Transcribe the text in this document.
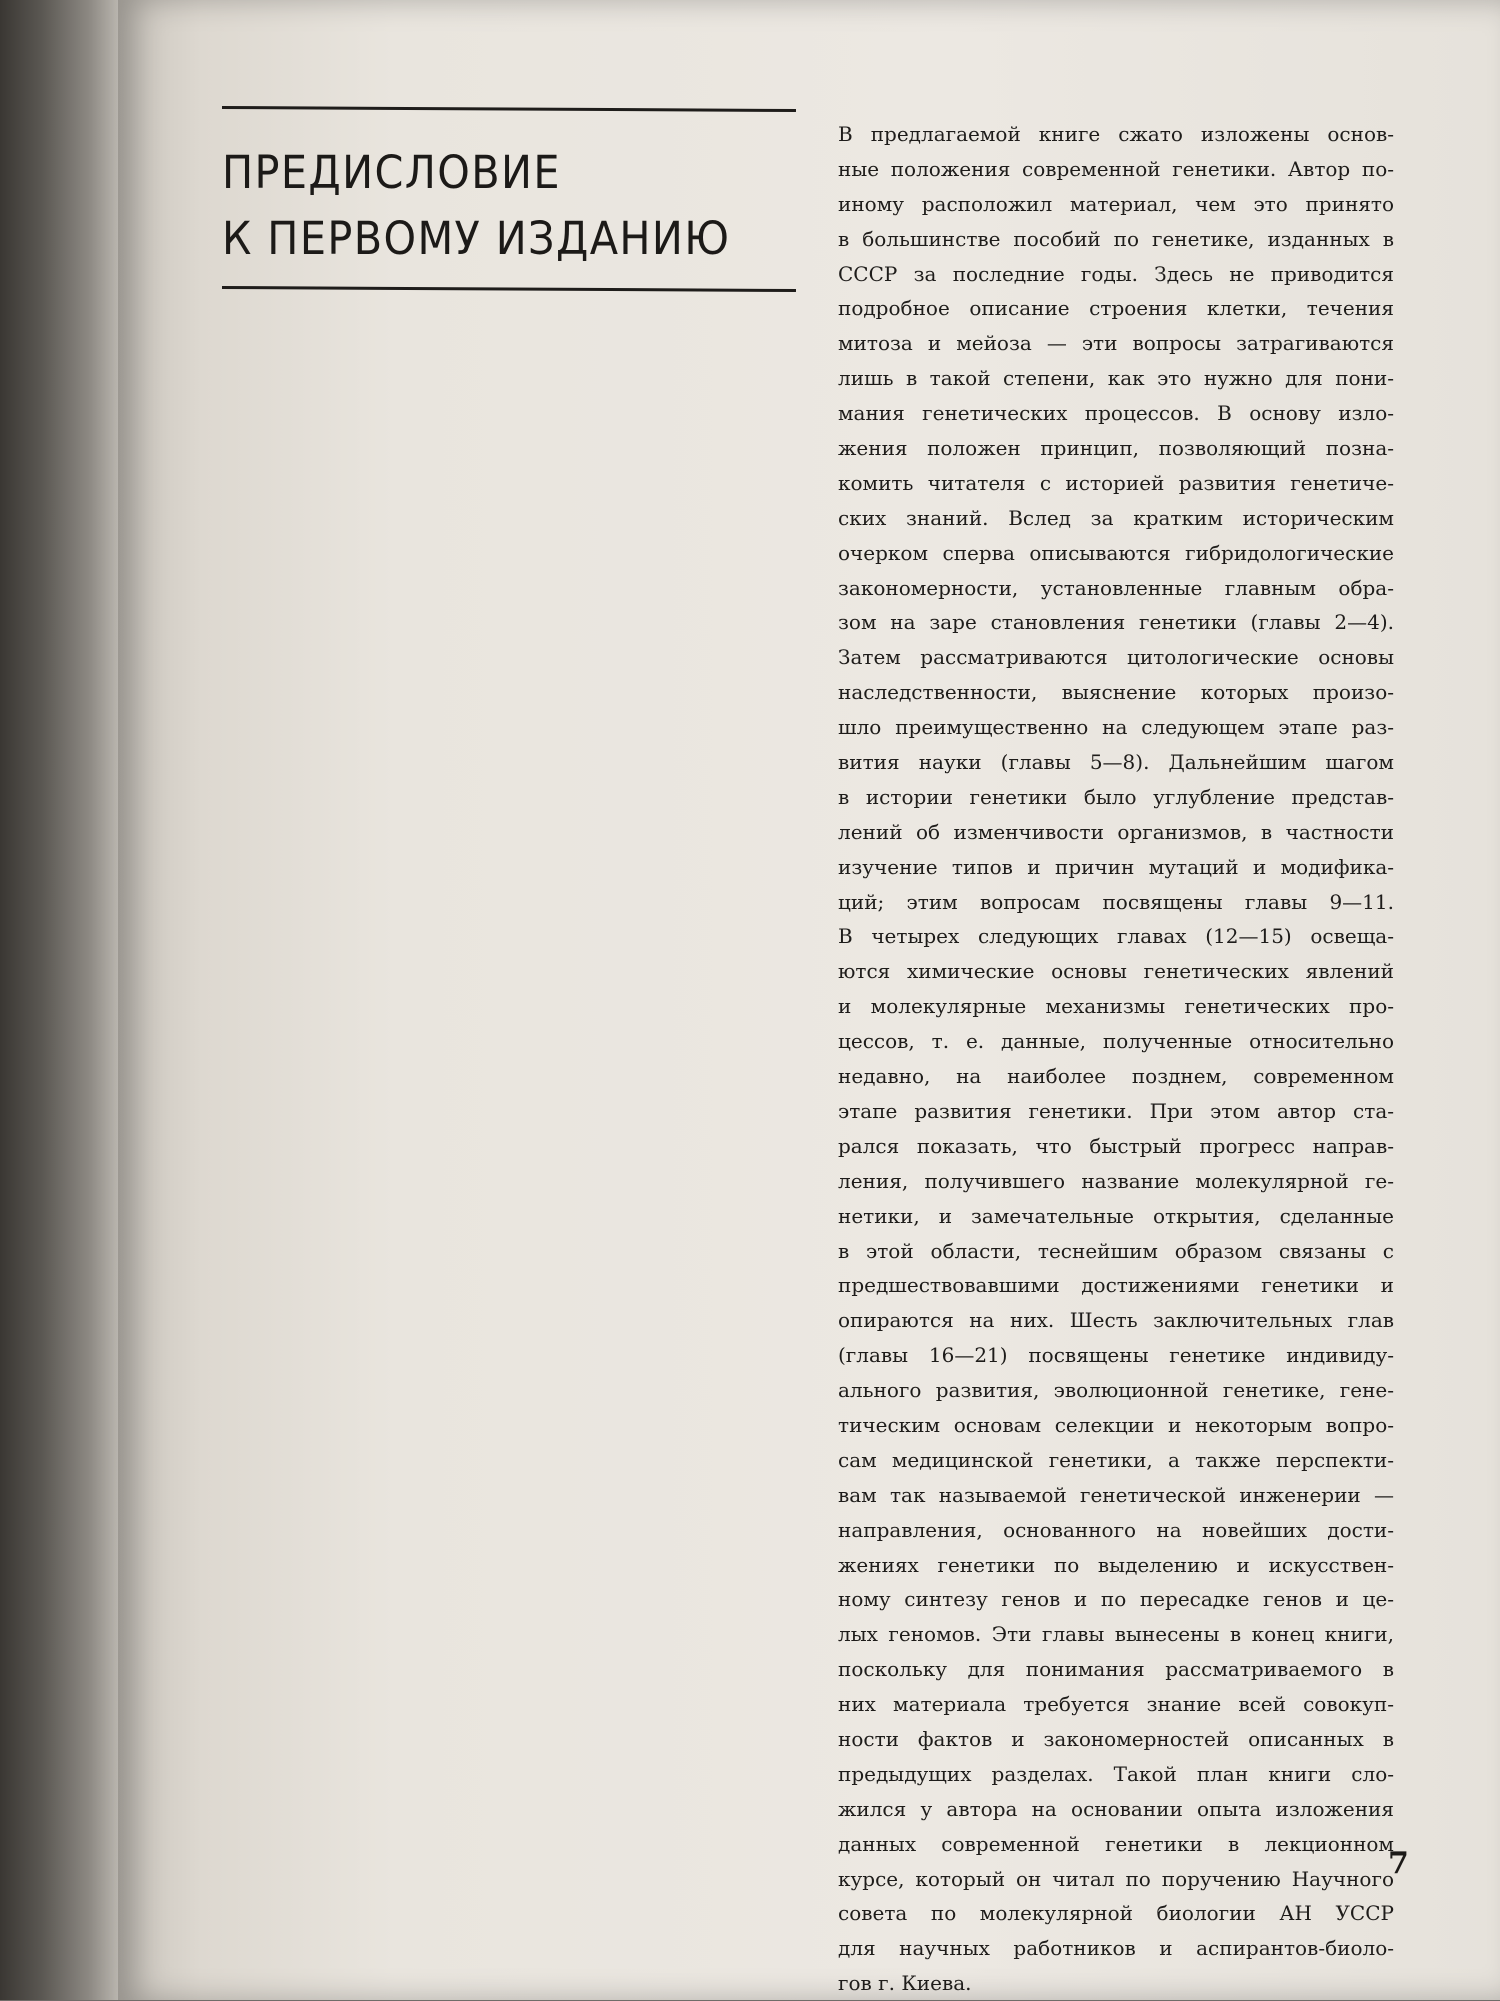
ПРЕДИСЛОВИЕ
К ПЕРВОМУ ИЗДАНИЮ
В предлагаемой книге сжато изложены основ-
ные положения современной генетики. Автор по-
иному расположил материал, чем это принято
в большинстве пособий по генетике, изданных в
СССР за последние годы. Здесь не приводится
подробное описание строения клетки, течения
митоза и мейоза — эти вопросы затрагиваются
лишь в такой степени, как это нужно для пони-
мания генетических процессов. В основу изло-
жения положен принцип, позволяющий позна-
комить читателя с историей развития генетиче-
ских знаний. Вслед за кратким историческим
очерком сперва описываются гибридологические
закономерности, установленные главным обра-
зом на заре становления генетики (главы 2—4).
Затем рассматриваются цитологические основы
наследственности, выяснение которых произо-
шло преимущественно на следующем этапе раз-
вития науки (главы 5—8). Дальнейшим шагом
в истории генетики было углубление представ-
лений об изменчивости организмов, в частности
изучение типов и причин мутаций и модифика-
ций; этим вопросам посвящены главы 9—11.
В четырех следующих главах (12—15) освеща-
ются химические основы генетических явлений
и молекулярные механизмы генетических про-
цессов, т. е. данные, полученные относительно
недавно, на наиболее позднем, современном
этапе развития генетики. При этом автор ста-
рался показать, что быстрый прогресс направ-
ления, получившего название молекулярной ге-
нетики, и замечательные открытия, сделанные
в этой области, теснейшим образом связаны с
предшествовавшими достижениями генетики и
опираются на них. Шесть заключительных глав
(главы 16—21) посвящены генетике индивиду-
ального развития, эволюционной генетике, гене-
тическим основам селекции и некоторым вопро-
сам медицинской генетики, а также перспекти-
вам так называемой генетической инженерии —
направления, основанного на новейших дости-
жениях генетики по выделению и искусствен-
ному синтезу генов и по пересадке генов и це-
лых геномов. Эти главы вынесены в конец книги,
поскольку для понимания рассматриваемого в
них материала требуется знание всей совокуп-
ности фактов и закономерностей описанных в
предыдущих разделах. Такой план книги сло-
жился у автора на основании опыта изложения
данных современной генетики в лекционном
курсе, который он читал по поручению Научного
совета по молекулярной биологии АН УССР
для научных работников и аспирантов-биоло-
гов г. Киева.
7
